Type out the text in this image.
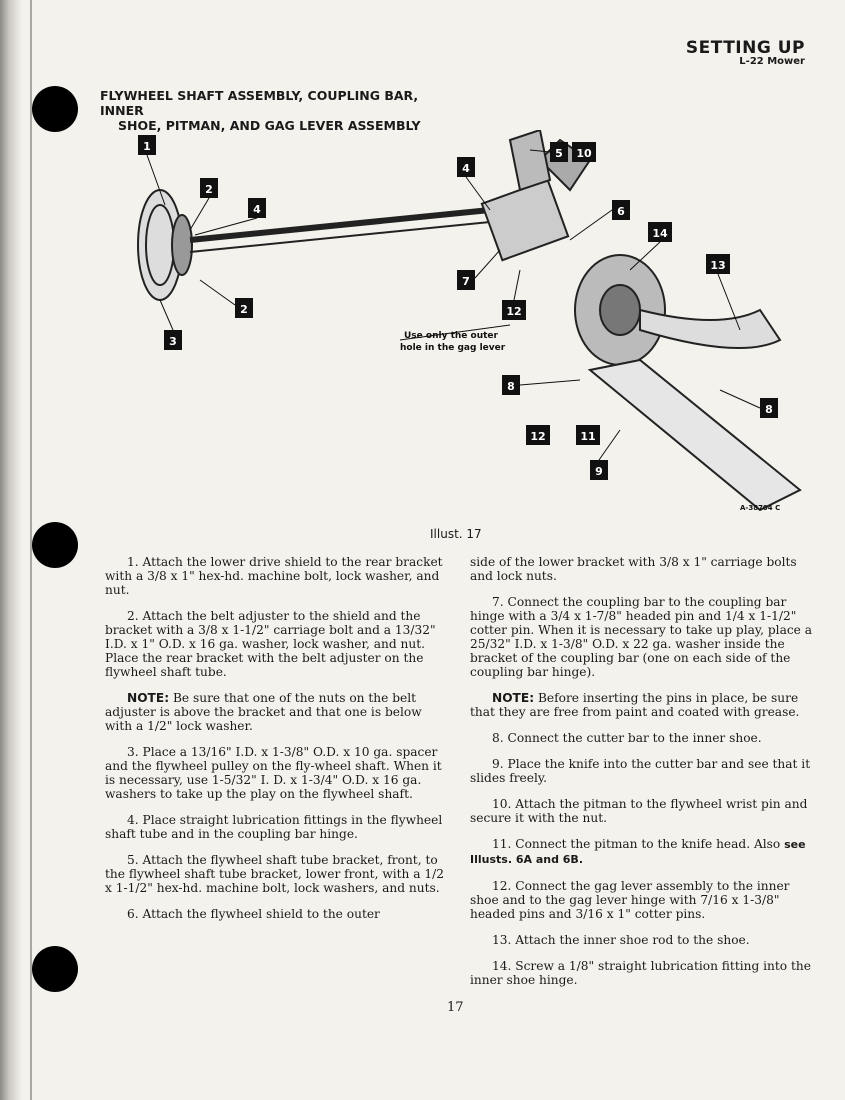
SETTING UP
L-22 Mower
FLYWHEEL SHAFT ASSEMBLY, COUPLING BAR, INNER
SHOE, PITMAN, AND GAG LEVER ASSEMBLY
1
2
4
2
3
4
5 10
6
14
7
12
13
8
12	11
9
8
Use only the outer
hole in the gag lever
A-38704 C
Illust. 17

1. Attach the lower drive shield to the rear bracket with a 3/8 x 1" hex-hd. machine bolt, lock washer, and nut.

2. Attach the belt adjuster to the shield and the bracket with a 3/8 x 1-1/2" carriage bolt and a 13/32" I.D. x 1" O.D. x 16 ga. washer, lock washer, and nut. Place the rear bracket with the belt adjuster on the flywheel shaft tube.

NOTE: Be sure that one of the nuts on the belt adjuster is above the bracket and that one is below with a 1/2" lock washer.

3. Place a 13/16" I.D. x 1-3/8" O.D. x 10 ga. spacer and the flywheel pulley on the fly-wheel shaft. When it is necessary, use 1-5/32" I. D. x 1-3/4" O.D. x 16 ga. washers to take up the play on the flywheel shaft.

4. Place straight lubrication fittings in the flywheel shaft tube and in the coupling bar hinge.

5. Attach the flywheel shaft tube bracket, front, to the flywheel shaft tube bracket, lower front, with a 1/2 x 1-1/2" hex-hd. machine bolt, lock washers, and nuts.

6. Attach the flywheel shield to the outer

side of the lower bracket with 3/8 x 1" carriage bolts and lock nuts.

7. Connect the coupling bar to the coupling bar hinge with a 3/4 x 1-7/8" headed pin and 1/4 x 1-1/2" cotter pin. When it is necessary to take up play, place a 25/32" I.D. x 1-3/8" O.D. x 22 ga. washer inside the bracket of the coupling bar (one on each side of the coupling bar hinge).

NOTE: Before inserting the pins in place, be sure that they are free from paint and coated with grease.

8. Connect the cutter bar to the inner shoe.

9. Place the knife into the cutter bar and see that it slides freely.

10. Attach the pitman to the flywheel wrist pin and secure it with the nut.

11. Connect the pitman to the knife head. Also see Illusts. 6A and 6B.

12. Connect the gag lever assembly to the inner shoe and to the gag lever hinge with 7/16 x 1-3/8" headed pins and 3/16 x 1" cotter pins.

13. Attach the inner shoe rod to the shoe.

14. Screw a 1/8" straight lubrication fitting into the inner shoe hinge.

17
